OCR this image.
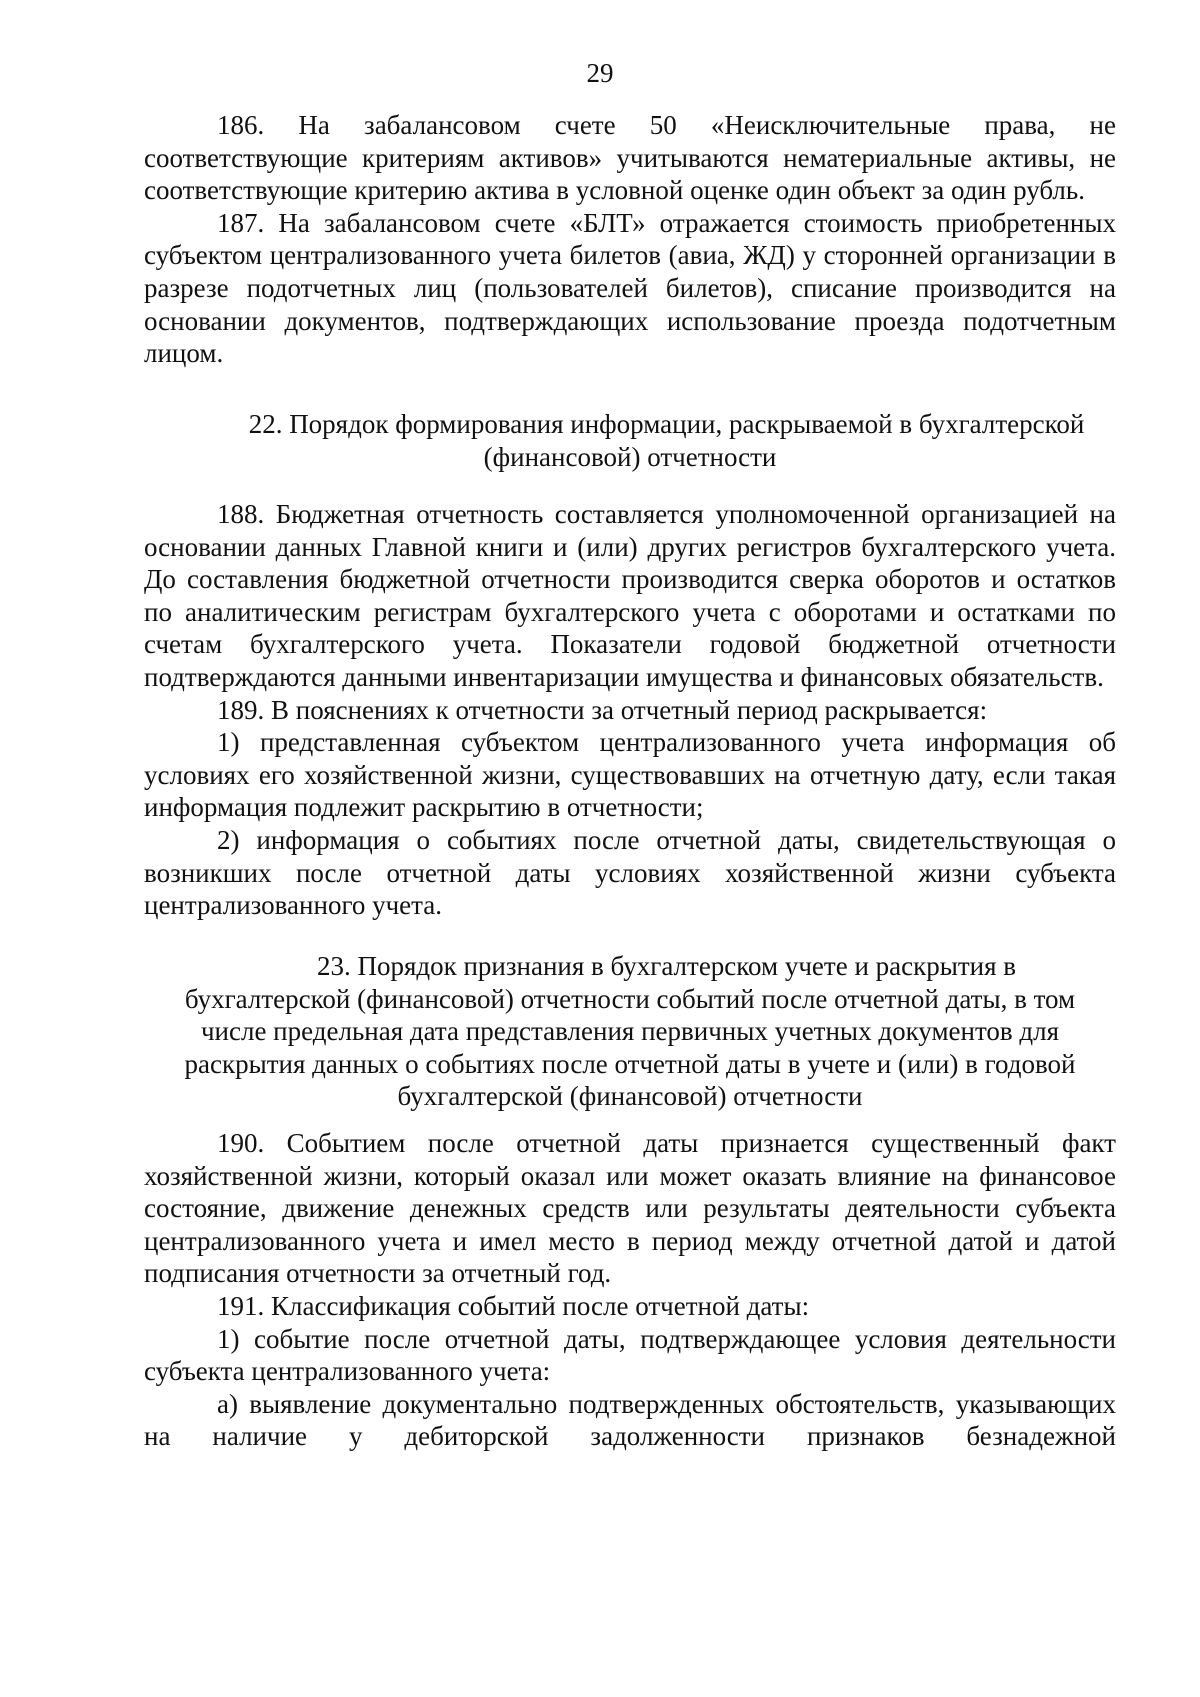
29

186. На забалансовом счете 50 «Неисключительные права, не соответствующие критериям активов» учитываются нематериальные активы, не соответствующие критерию актива в условной оценке один объект за один рубль.

187. На забалансовом счете «БЛТ» отражается стоимость приобретенных субъектом централизованного учета билетов (авиа, ЖД) у сторонней организации в разрезе подотчетных лиц (пользователей билетов), списание производится на основании документов, подтверждающих использование проезда подотчетным лицом.

22. Порядок формирования информации, раскрываемой в бухгалтерской
(финансовой) отчетности

188. Бюджетная отчетность составляется уполномоченной организацией на основании данных Главной книги и (или) других регистров бухгалтерского учета. До составления бюджетной отчетности производится сверка оборотов и остатков по аналитическим регистрам бухгалтерского учета с оборотами и остатками по счетам бухгалтерского учета. Показатели годовой бюджетной отчетности подтверждаются данными инвентаризации имущества и финансовых обязательств.

189. В пояснениях к отчетности за отчетный период раскрывается:

1) представленная субъектом централизованного учета информация об условиях его хозяйственной жизни, существовавших на отчетную дату, если такая информация подлежит раскрытию в отчетности;

2) информация о событиях после отчетной даты, свидетельствующая о возникших после отчетной даты условиях хозяйственной жизни субъекта централизованного учета.

23. Порядок признания в бухгалтерском учете и раскрытия в
бухгалтерской (финансовой) отчетности событий после отчетной даты, в том
числе предельная дата представления первичных учетных документов для
раскрытия данных о событиях после отчетной даты в учете и (или) в годовой
бухгалтерской (финансовой) отчетности

190. Событием после отчетной даты признается существенный факт хозяйственной жизни, который оказал или может оказать влияние на финансовое состояние, движение денежных средств или результаты деятельности субъекта централизованного учета и имел место в период между отчетной датой и датой подписания отчетности за отчетный год.

191. Классификация событий после отчетной даты:

1) событие после отчетной даты, подтверждающее условия деятельности субъекта централизованного учета:

а) выявление документально подтвержденных обстоятельств, указывающих на наличие у дебиторской задолженности признаков безнадежной
